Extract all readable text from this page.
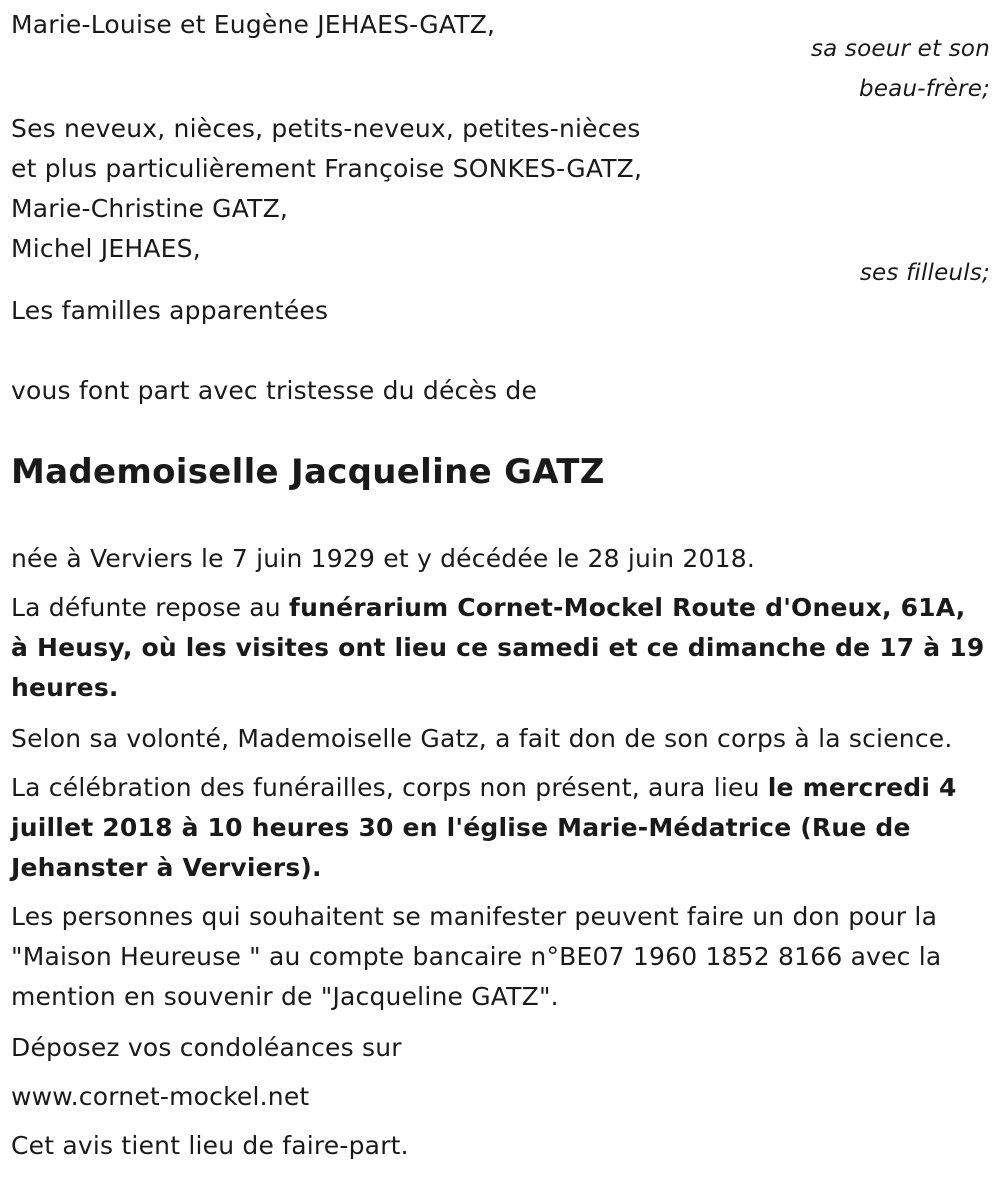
Marie-Louise et Eugène JEHAES-GATZ,
sa soeur et son
beau-frère;
Ses neveux, nièces, petits-neveux, petites-nièces
et plus particulièrement Françoise SONKES-GATZ,
Marie-Christine GATZ,
Michel JEHAES,
ses filleuls;
Les familles apparentées
vous font part avec tristesse du décès de
Mademoiselle Jacqueline GATZ
née à Verviers le 7 juin 1929 et y décédée le 28 juin 2018.
La défunte repose au funérarium Cornet-Mockel Route d'Oneux, 61A, à Heusy, où les visites ont lieu ce samedi et ce dimanche de 17 à 19 heures.
Selon sa volonté, Mademoiselle Gatz, a fait don de son corps à la science.
La célébration des funérailles, corps non présent, aura lieu le mercredi 4 juillet 2018 à 10 heures 30 en l'église Marie-Médatrice (Rue de Jehanster à Verviers).
Les personnes qui souhaitent se manifester peuvent faire un don pour la "Maison Heureuse " au compte bancaire n°BE07 1960 1852 8166 avec la mention en souvenir de "Jacqueline GATZ".
Déposez vos condoléances sur
www.cornet-mockel.net
Cet avis tient lieu de faire-part.
